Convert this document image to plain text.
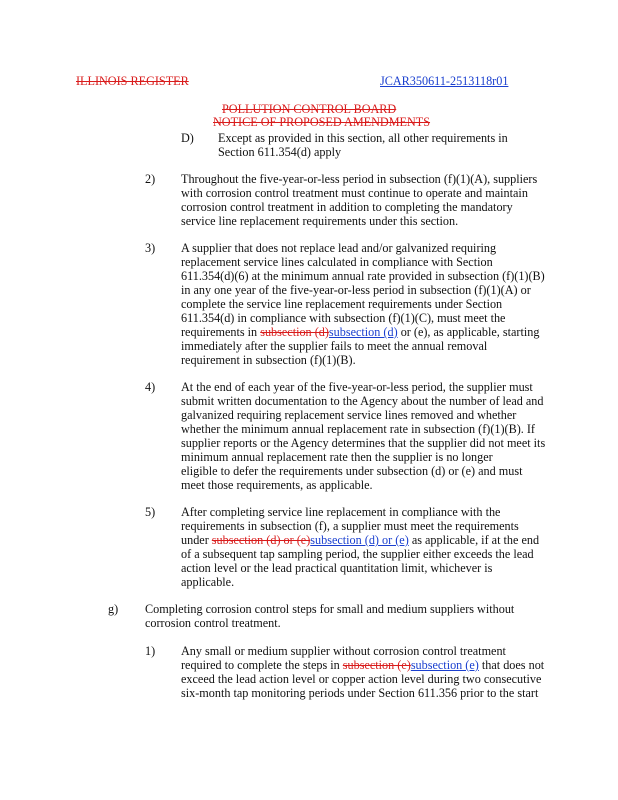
ILLINOIS REGISTER	JCAR350611-2513118r01
POLLUTION CONTROL BOARD
NOTICE OF PROPOSED AMENDMENTS
D) Except as provided in this section, all other requirements in
Section 611.354(d) apply
2) Throughout the five-year-or-less period in subsection (f)(1)(A), suppliers
with corrosion control treatment must continue to operate and maintain
corrosion control treatment in addition to completing the mandatory
service line replacement requirements under this section.
3) A supplier that does not replace lead and/or galvanized requiring
replacement service lines calculated in compliance with Section
611.354(d)(6) at the minimum annual rate provided in subsection (f)(1)(B)
in any one year of the five-year-or-less period in subsection (f)(1)(A) or
complete the service line replacement requirements under Section
611.354(d) in compliance with subsection (f)(1)(C), must meet the
requirements in subsection (d)subsection (d) or (e), as applicable, starting
immediately after the supplier fails to meet the annual removal
requirement in subsection (f)(1)(B).
4) At the end of each year of the five-year-or-less period, the supplier must
submit written documentation to the Agency about the number of lead and
galvanized requiring replacement service lines removed and whether
whether the minimum annual replacement rate in subsection (f)(1)(B). If
supplier reports or the Agency determines that the supplier did not meet its
minimum annual replacement rate then the supplier is no longer
eligible to defer the requirements under subsection (d) or (e) and must
meet those requirements, as applicable.
5) After completing service line replacement in compliance with the
requirements in subsection (f), a supplier must meet the requirements
under subsection (d) or (e)subsection (d) or (e) as applicable, if at the end
of a subsequent tap sampling period, the supplier either exceeds the lead
action level or the lead practical quantitation limit, whichever is
applicable.
g) Completing corrosion control steps for small and medium suppliers without
corrosion control treatment.
1) Any small or medium supplier without corrosion control treatment
required to complete the steps in subsection (e)subsection (e) that does not
exceed the lead action level or copper action level during two consecutive
six-month tap monitoring periods under Section 611.356 prior to the start
